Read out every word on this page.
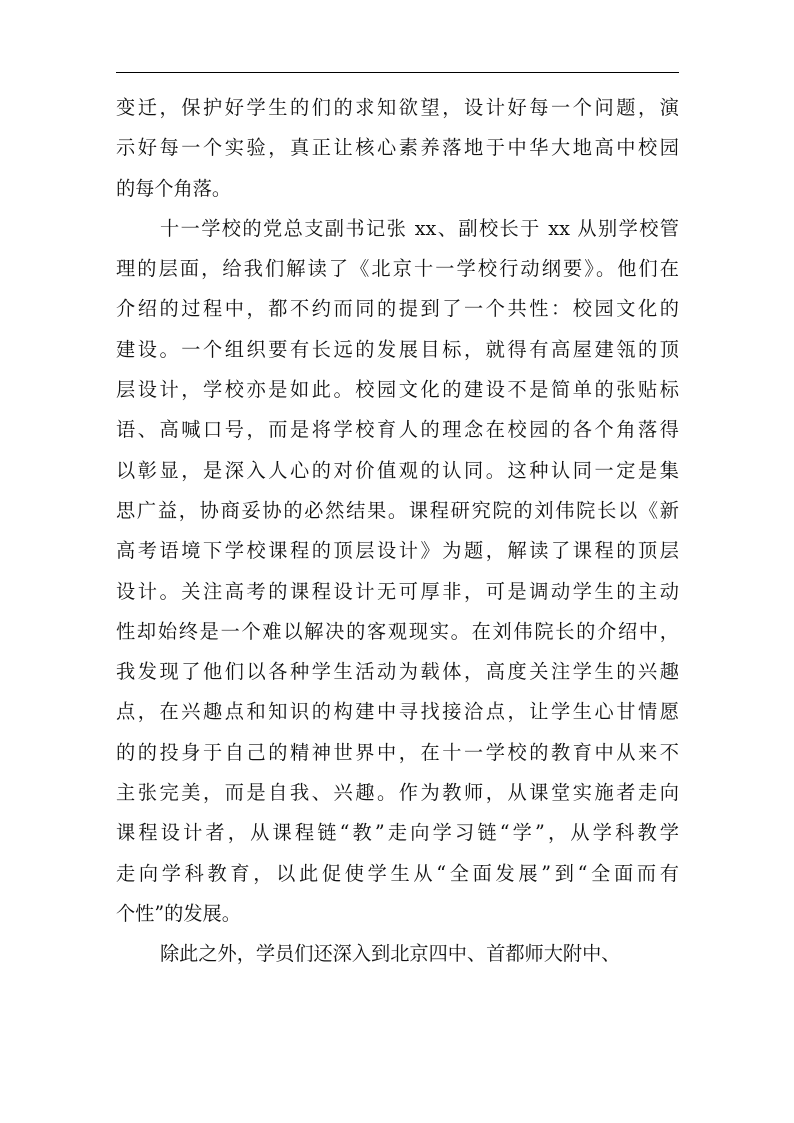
变迁，保护好学生的们的求知欲望，设计好每一个问题，演
示好每一个实验，真正让核心素养落地于中华大地高中校园
的每个角落。
十一学校的党总支副书记张 xx、副校长于 xx 从别学校管
理的层面，给我们解读了《北京十一学校行动纲要》。他们在
介绍的过程中，都不约而同的提到了一个共性：校园文化的
建设。一个组织要有长远的发展目标，就得有高屋建瓴的顶
层设计，学校亦是如此。校园文化的建设不是简单的张贴标
语、高喊口号，而是将学校育人的理念在校园的各个角落得
以彰显，是深入人心的对价值观的认同。这种认同一定是集
思广益，协商妥协的必然结果。课程研究院的刘伟院长以《新
高考语境下学校课程的顶层设计》为题，解读了课程的顶层
设计。关注高考的课程设计无可厚非，可是调动学生的主动
性却始终是一个难以解决的客观现实。在刘伟院长的介绍中，
我发现了他们以各种学生活动为载体，高度关注学生的兴趣
点，在兴趣点和知识的构建中寻找接洽点，让学生心甘情愿
的的投身于自己的精神世界中，在十一学校的教育中从来不
主张完美，而是自我、兴趣。作为教师，从课堂实施者走向
课程设计者，从课程链“教”走向学习链“学”，从学科教学
走向学科教育，以此促使学生从“全面发展”到“全面而有
个性”的发展。
除此之外，学员们还深入到北京四中、首都师大附中、
